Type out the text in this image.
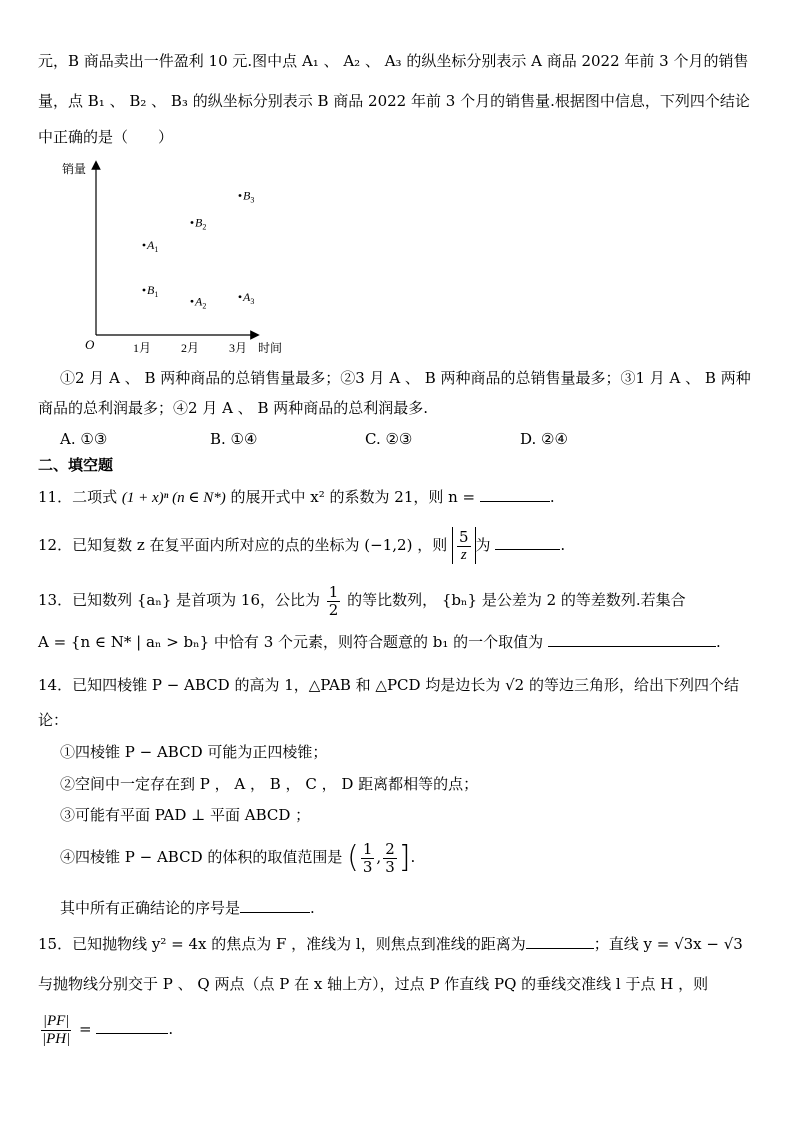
元，B 商品卖出一件盈利 10 元.图中点 A₁ 、 A₂ 、 A₃ 的纵坐标分别表示 A 商品 2022 年前 3 个月的销售
量，点 B₁ 、 B₂ 、 B₃ 的纵坐标分别表示 B 商品 2022 年前 3 个月的销售量.根据图中信息，下列四个结论
中正确的是（　　）
销量
O	时间
1月 2月 3月
$A_1$
$B_1$	$A_2$
$B_2$
$A_3$
$B_3$
①2 月 A 、 B 两种商品的总销售量最多；②3 月 A 、 B 两种商品的总销售量最多；③1 月 A 、 B 两种
商品的总利润最多；④2 月 A 、 B 两种商品的总利润最多.
A. ①③	B. ①④	C. ②③	D. ②④
二、填空题
11．二项式 (1 + x)ⁿ (n ∈ N*) 的展开式中 x² 的系数为 21，则 n =	.
12．已知复数 z 在复平面内所对应的点的坐标为 (−1,2) ，则 $\frac{5}{z}$ 为	.
13．已知数列 {aₙ} 是首项为 16，公比为 $\frac{1}{2}$ 的等比数列， {bₙ} 是公差为 2 的等差数列.若集合
A = {n ∈ N* | aₙ > bₙ} 中恰有 3 个元素，则符合题意的 b₁ 的一个取值为	.
14．已知四棱锥 P − ABCD 的高为 1，△PAB 和 △PCD 均是边长为 √2 的等边三角形，给出下列四个结
论：
①四棱锥 P − ABCD 可能为正四棱锥；
②空间中一定存在到 P ， A ， B ， C ， D 距离都相等的点；
③可能有平面 PAD ⊥ 平面 ABCD ；
④四棱锥 P − ABCD 的体积的取值范围是 ( $\frac{1}{3}$ , $\frac{2}{3}$ ].
其中所有正确结论的序号是	.
15．已知抛物线 y² = 4x 的焦点为 F ，准线为 l，则焦点到准线的距离为	；直线 y = √3x − √3
与抛物线分别交于 P 、 Q 两点（点 P 在 x 轴上方），过点 P 作直线 PQ 的垂线交准线 l 于点 H ，则
$\frac{|PF|}{|PH|}$ =	.
